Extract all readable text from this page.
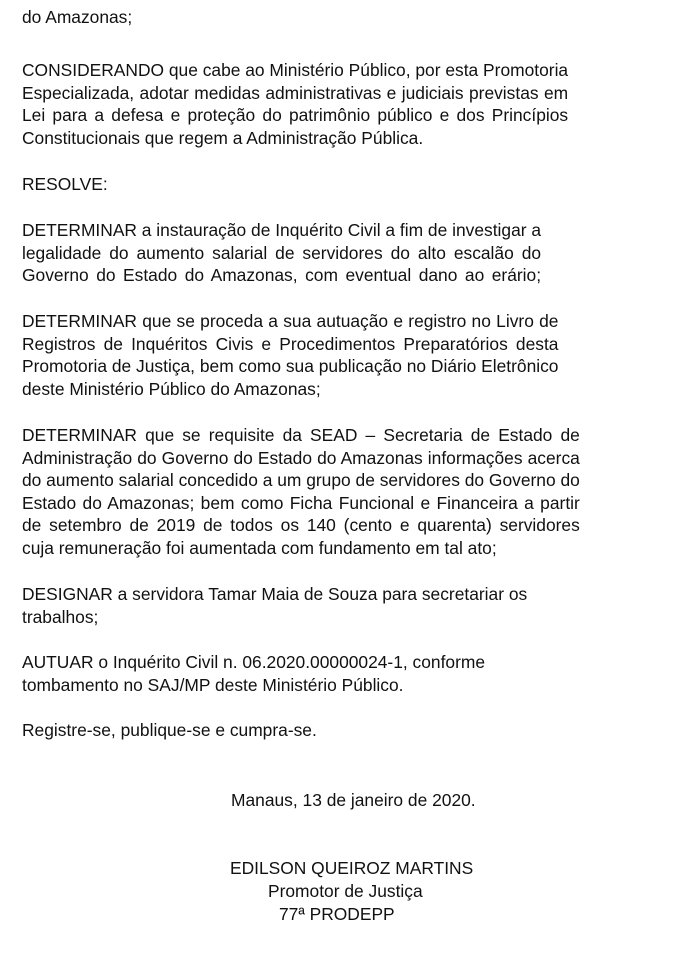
do Amazonas;

CONSIDERANDO que cabe ao Ministério Público, por esta Promotoria
Especializada, adotar medidas administrativas e judiciais previstas em
Lei para a defesa e proteção do patrimônio público e dos Princípios
Constitucionais que regem a Administração Pública.

RESOLVE:

DETERMINAR a instauração de Inquérito Civil a fim de investigar a
legalidade do aumento salarial de servidores do alto escalão do
Governo do Estado do Amazonas, com eventual dano ao erário;

DETERMINAR que se proceda a sua autuação e registro no Livro de
Registros de Inquéritos Civis e Procedimentos Preparatórios desta
Promotoria de Justiça, bem como sua publicação no Diário Eletrônico
deste Ministério Público do Amazonas;

DETERMINAR que se requisite da SEAD – Secretaria de Estado de
Administração do Governo do Estado do Amazonas informações acerca
do aumento salarial concedido a um grupo de servidores do Governo do
Estado do Amazonas; bem como Ficha Funcional e Financeira a partir
de setembro de 2019 de todos os 140 (cento e quarenta) servidores
cuja remuneração foi aumentada com fundamento em tal ato;

DESIGNAR a servidora Tamar Maia de Souza para secretariar os
trabalhos;

AUTUAR o Inquérito Civil n. 06.2020.00000024-1, conforme
tombamento no SAJ/MP deste Ministério Público.

Registre-se, publique-se e cumpra-se.

Manaus, 13 de janeiro de 2020.
EDILSON QUEIROZ MARTINS
Promotor de Justiça
77ª PRODEPP
